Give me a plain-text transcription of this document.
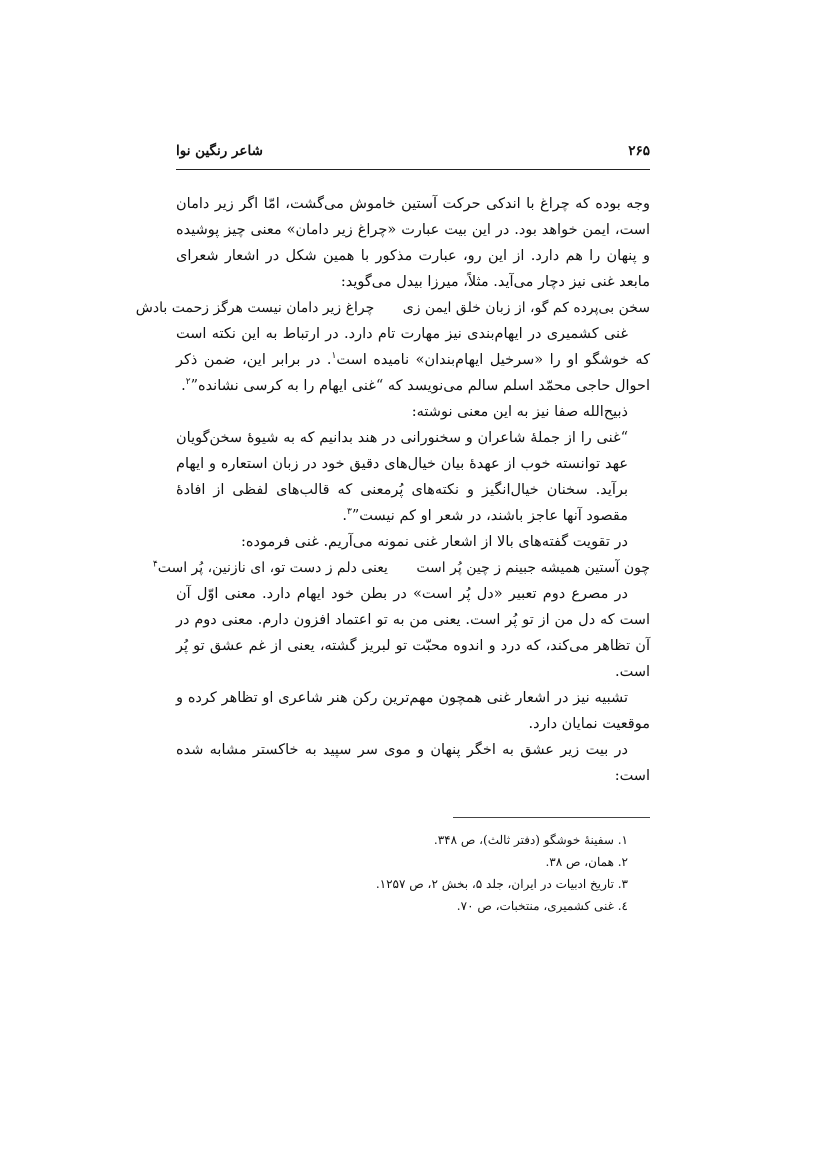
۲۶۵
شاعر رنگین نوا

وجه بوده که چراغ با اندکی حرکت آستین خاموش می‌گشت، امّا اگر زیر دامان است، ایمن خواهد بود. در این بیت عبارت «چراغ زیر دامان» معنی چیز پوشیده و پنهان را هم دارد. از این رو، عبارت مذکور با همین شکل در اشعار شعرای مابعد غنی نیز دچار می‌آید. مثلاً، میرزا بیدل می‌گوید:

سخن بی‌پرده کم گو، از زبان خلق ایمن زی چراغ زیر دامان نیست هرگز زحمت بادش

غنی کشمیری در ایهام‌بندی نیز مهارت تام دارد. در ارتباط به این نکته است که خوشگو او را «سرخیل ایهام‌بندان» نامیده است$^۱$. در برابر این، ضمن ذکر احوال حاجی محمّد اسلم سالم می‌نویسد که “غنی ایهام را به کرسی نشانده”$^۲$.

ذبیح‌الله صفا نیز به این معنی نوشته:

“غنی را از جملهٔ شاعران و سخنورانی در هند بدانیم که به شیوهٔ سخن‌گویان عهد توانسته خوب از عهدهٔ بیان خیال‌های دقیق خود در زبان استعاره و ایهام برآید. سخنان خیال‌انگیز و نکته‌های پُرمعنی که قالب‌های لفظی از افادهٔ مقصود آنها عاجز باشند، در شعر او کم نیست”$^۳$.

در تقویت گفته‌های بالا از اشعار غنی نمونه می‌آریم. غنی فرموده:

چون آستین همیشه جبینم ز چین پُر است یعنی دلم ز دست تو، ای نازنین، پُر است$^۴$

در مصرع دوم تعبیر «دل پُر است» در بطن خود ایهام دارد. معنی اوّل آن است که دل من از تو پُر است. یعنی من به تو اعتماد افزون دارم. معنی دوم در آن تظاهر می‌کند، که درد و اندوه محبّت تو لبریز گشته، یعنی از غم عشق تو پُر است.

تشبیه نیز در اشعار غنی همچون مهم‌ترین رکن هنر شاعری او تظاهر کرده و موقعیت نمایان دارد.

در بیت زیر عشق به اخگر پنهان و موی سر سپید به خاکستر مشابه شده است:

۱. سفینهٔ خوشگو (دفتر ثالث)، ص ۳۴۸.

۲. همان، ص ۳۸.

۳. تاریخ ادبیات در ایران، جلد ۵، بخش ۲، ص ۱۲۵۷.

٤. غنی کشمیری، منتخبات، ص ۷۰.
